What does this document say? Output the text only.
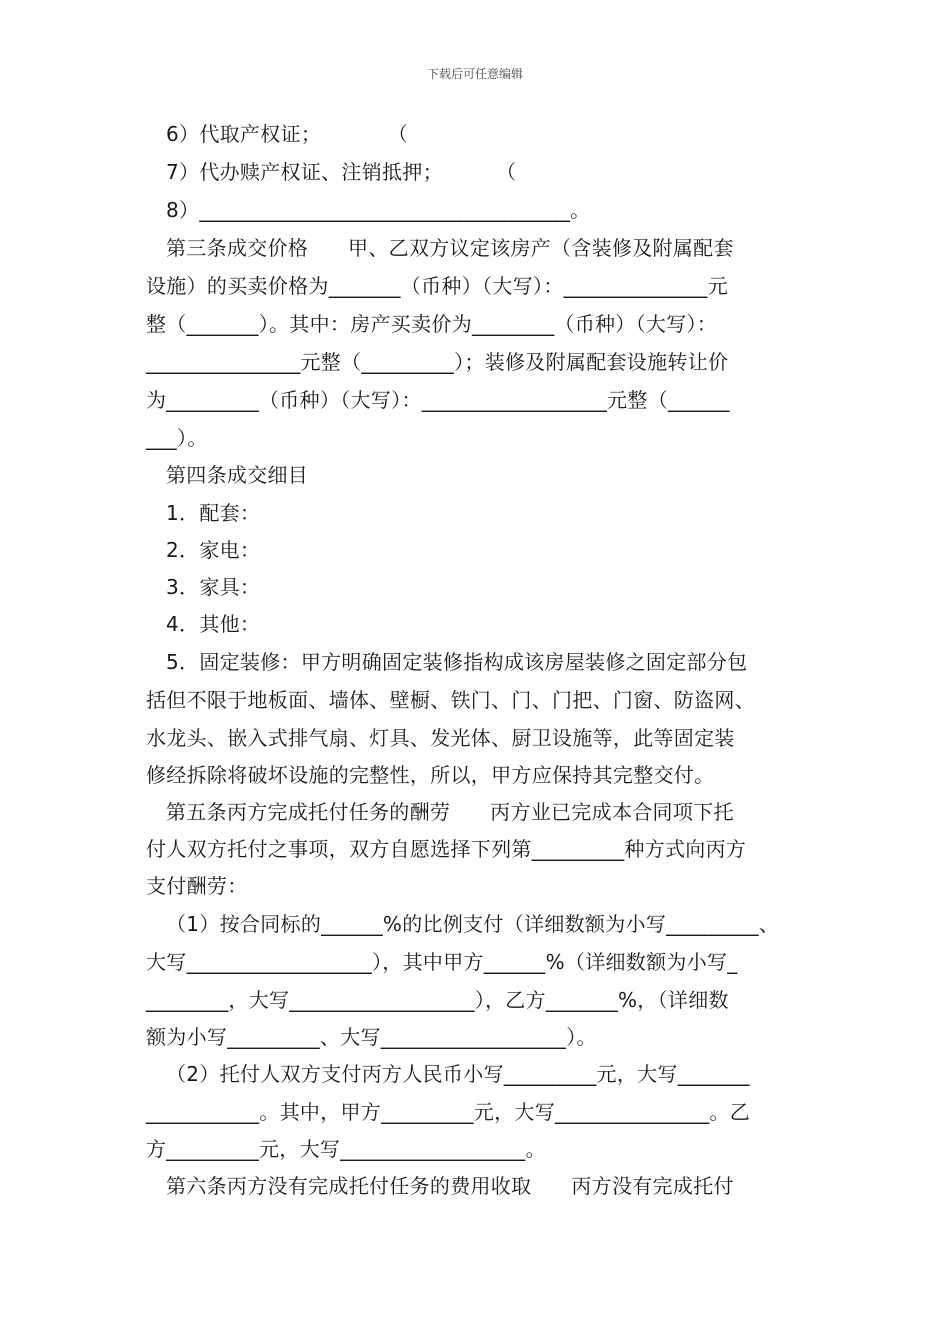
下载后可任意编辑
6）代取产权证；          （
7）代办赎产权证、注销抵押；        （
8）____________________________________。
第三条成交价格      甲、乙双方议定该房产（含装修及附属配套
设施）的买卖价格为_______（币种）（大写）：______________元
整（_______）。其中：房产买卖价为________（币种）（大写）：
_______________元整（_________）；装修及附属配套设施转让价
为_________（币种）（大写）：__________________元整（______
___）。
第四条成交细目
1．配套：
2．家电：
3．家具：
4．其他：
5．固定装修：甲方明确固定装修指构成该房屋装修之固定部分包
括但不限于地板面、墙体、壁橱、铁门、门、门把、门窗、防盗网、
水龙头、嵌入式排气扇、灯具、发光体、厨卫设施等，此等固定装
修经拆除将破坏设施的完整性，所以，甲方应保持其完整交付。
第五条丙方完成托付任务的酬劳      丙方业已完成本合同项下托
付人双方托付之事项，双方自愿选择下列第_________种方式向丙方
支付酬劳：
（1）按合同标的______%的比例支付（详细数额为小写_________、
大写__________________），其中甲方______%（详细数额为小写_
________，大写__________________），乙方_______%，（详细数
额为小写_________、大写__________________）。
（2）托付人双方支付丙方人民币小写_________元，大写_______
___________。其中，甲方_________元，大写_______________。乙
方_________元，大写__________________。
第六条丙方没有完成托付任务的费用收取      丙方没有完成托付
